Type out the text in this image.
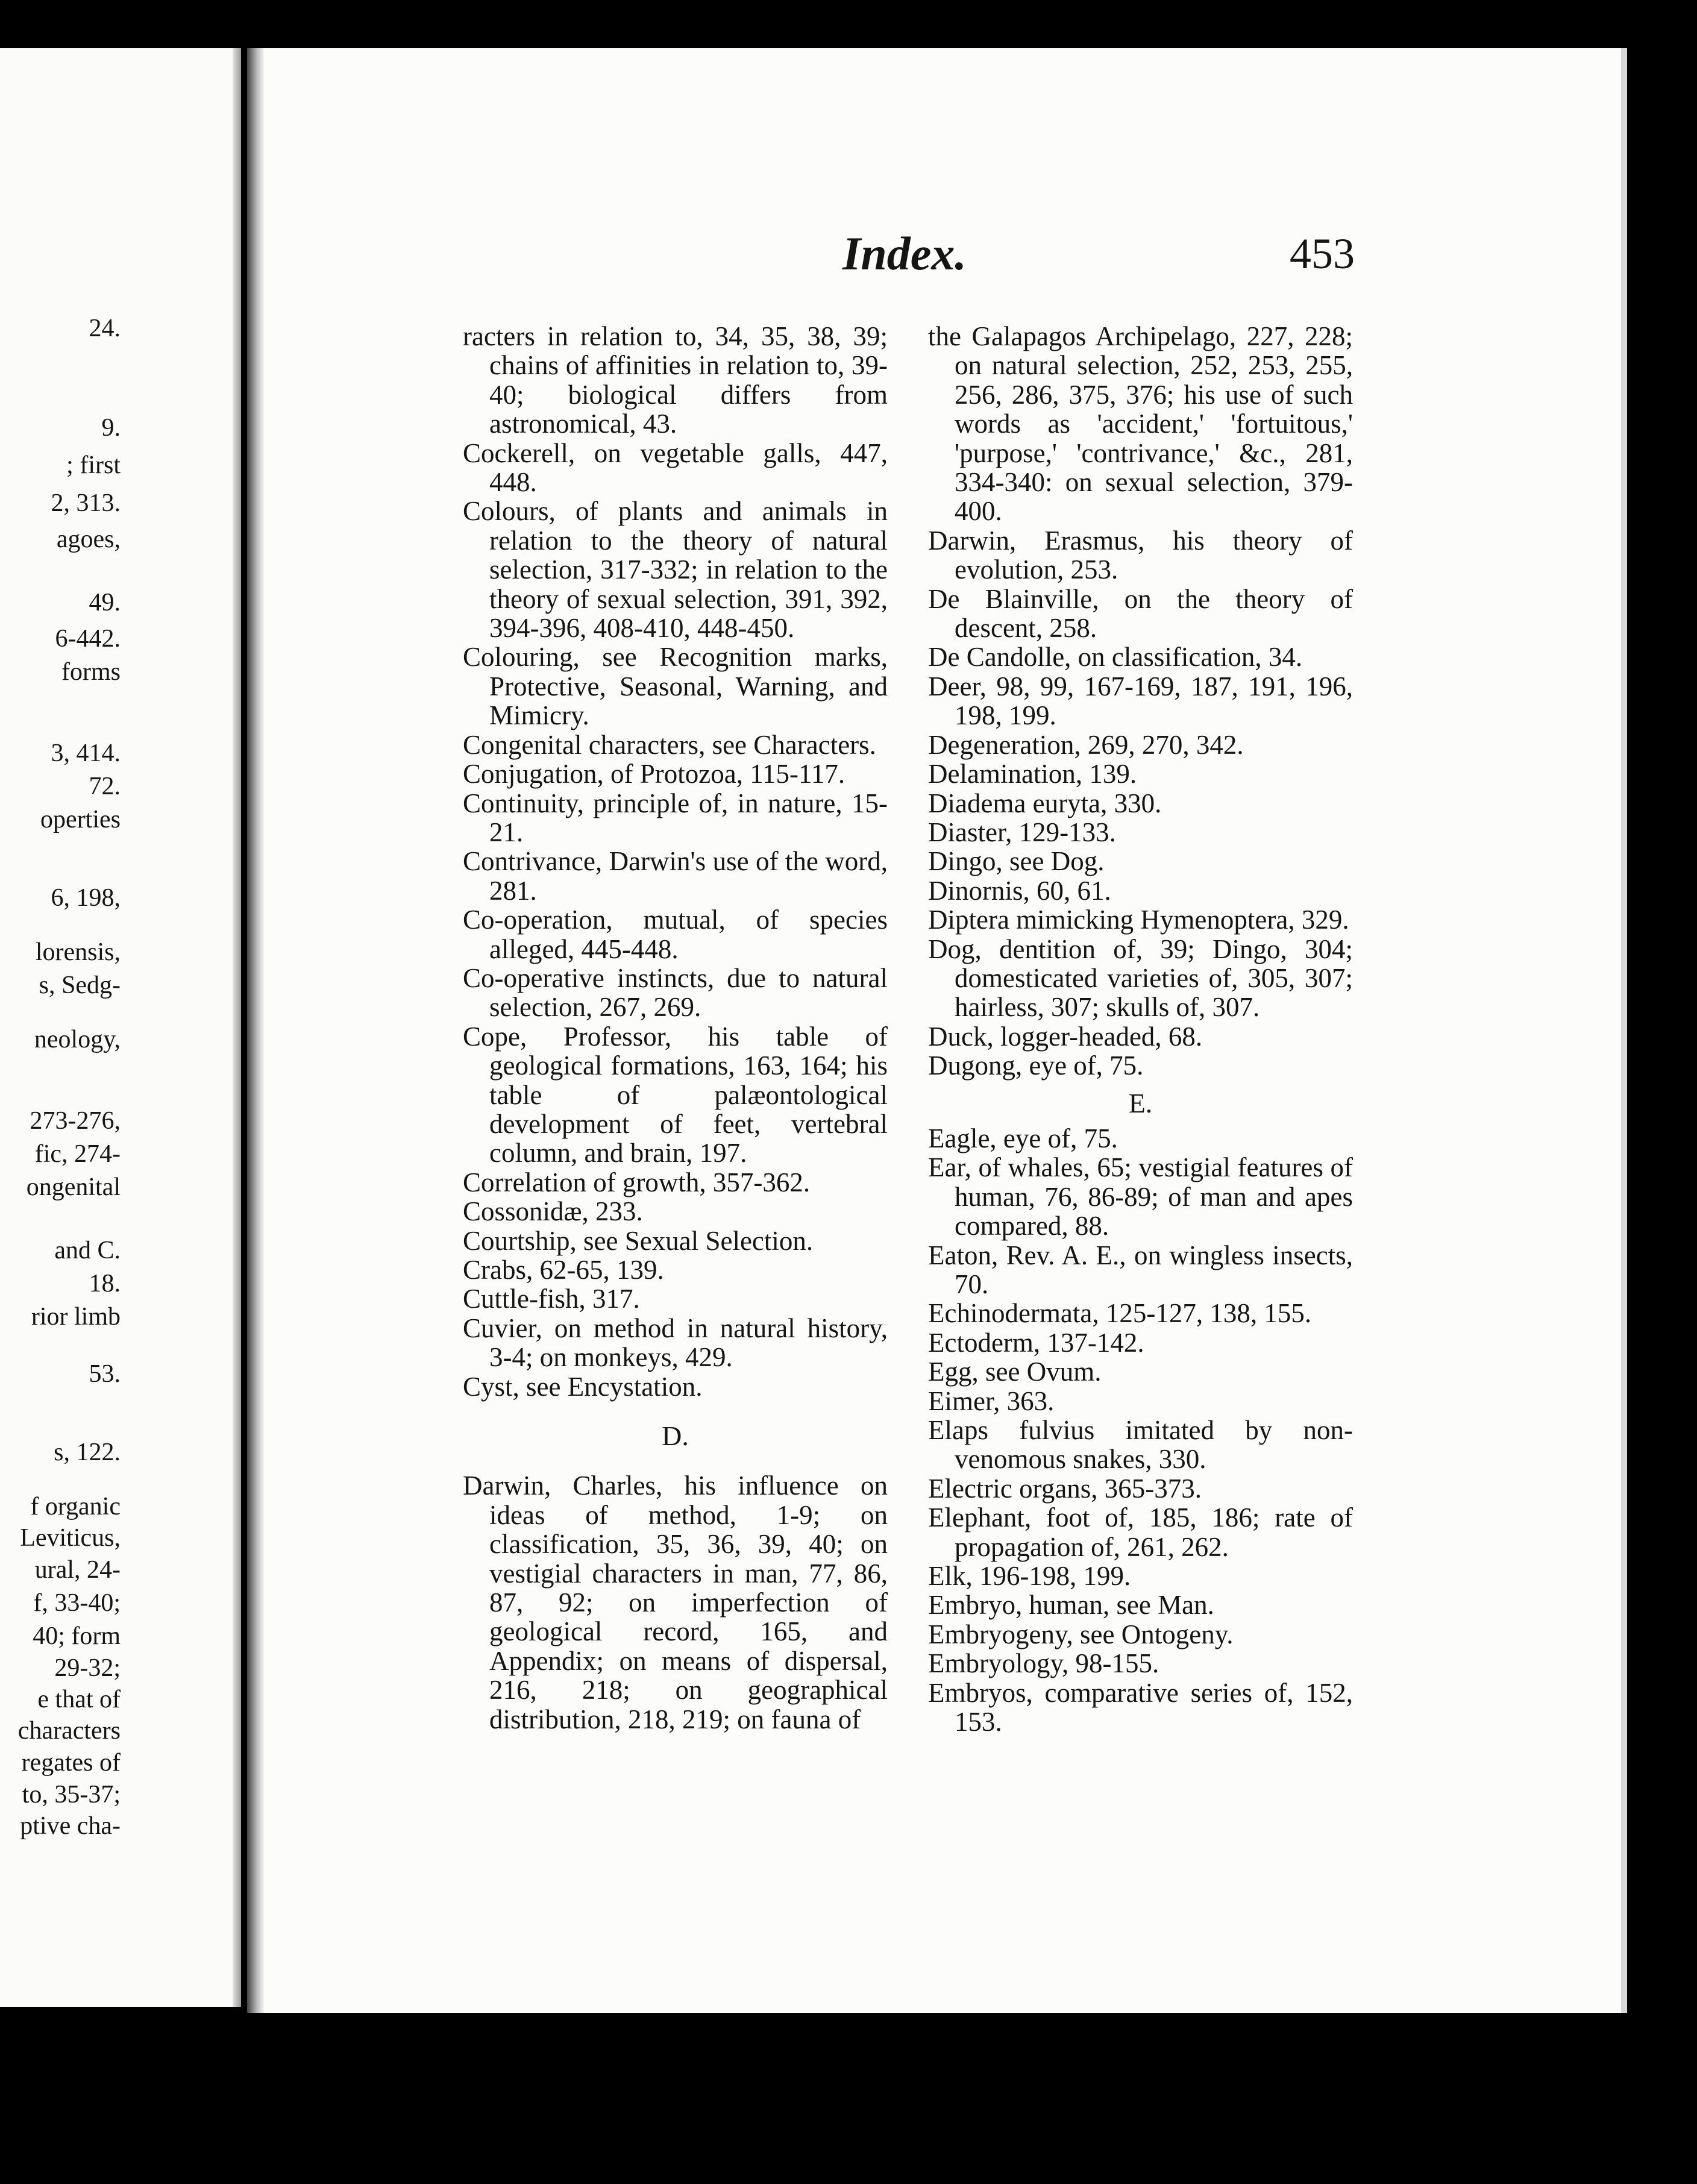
24.
9.
; first
2, 313.
agoes,
49.
6-442.
forms
3, 414.
72.
operties
6, 198,
lorensis,
s, Sedg-
neology,
273-276,
fic, 274-
ongenital
and C.
18.
rior limb
53.
s, 122.
f organic
Leviticus,
ural, 24-
f, 33-40;
40; form
29-32;
e that of
characters
regates of
to, 35-37;
ptive cha-
Index.	453
racters in relation to, 34, 35, 38, 39; chains of affinities in relation to, 39-40; biological differs from astronomical, 43.
Cockerell, on vegetable galls, 447, 448.
Colours, of plants and animals in relation to the theory of natural selection, 317-332; in relation to the theory of sexual selection, 391, 392, 394-396, 408-410, 448-450.
Colouring, see Recognition marks, Protective, Seasonal, Warning, and Mimicry.
Congenital characters, see Characters.
Conjugation, of Protozoa, 115-117.
Continuity, principle of, in nature, 15-21.
Contrivance, Darwin's use of the word, 281.
Co-operation, mutual, of species alleged, 445-448.
Co-operative instincts, due to natural selection, 267, 269.
Cope, Professor, his table of geological formations, 163, 164; his table of palæontological development of feet, vertebral column, and brain, 197.
Correlation of growth, 357-362.
Cossonidæ, 233.
Courtship, see Sexual Selection.
Crabs, 62-65, 139.
Cuttle-fish, 317.
Cuvier, on method in natural history, 3-4; on monkeys, 429.
Cyst, see Encystation.
D.
Darwin, Charles, his influence on ideas of method, 1-9; on classification, 35, 36, 39, 40; on vestigial characters in man, 77, 86, 87, 92; on imperfection of geological record, 165, and Appendix; on means of dispersal, 216, 218; on geographical distribution, 218, 219; on fauna of
the Galapagos Archipelago, 227, 228; on natural selection, 252, 253, 255, 256, 286, 375, 376; his use of such words as 'accident,' 'fortuitous,' 'purpose,' 'contrivance,' &c., 281, 334-340: on sexual selection, 379-400.
Darwin, Erasmus, his theory of evolution, 253.
De Blainville, on the theory of descent, 258.
De Candolle, on classification, 34.
Deer, 98, 99, 167-169, 187, 191, 196, 198, 199.
Degeneration, 269, 270, 342.
Delamination, 139.
Diadema euryta, 330.
Diaster, 129-133.
Dingo, see Dog.
Dinornis, 60, 61.
Diptera mimicking Hymenoptera, 329.
Dog, dentition of, 39; Dingo, 304; domesticated varieties of, 305, 307; hairless, 307; skulls of, 307.
Duck, logger-headed, 68.
Dugong, eye of, 75.
E.
Eagle, eye of, 75.
Ear, of whales, 65; vestigial features of human, 76, 86-89; of man and apes compared, 88.
Eaton, Rev. A. E., on wingless insects, 70.
Echinodermata, 125-127, 138, 155.
Ectoderm, 137-142.
Egg, see Ovum.
Eimer, 363.
Elaps fulvius imitated by non-venomous snakes, 330.
Electric organs, 365-373.
Elephant, foot of, 185, 186; rate of propagation of, 261, 262.
Elk, 196-198, 199.
Embryo, human, see Man.
Embryogeny, see Ontogeny.
Embryology, 98-155.
Embryos, comparative series of, 152, 153.
